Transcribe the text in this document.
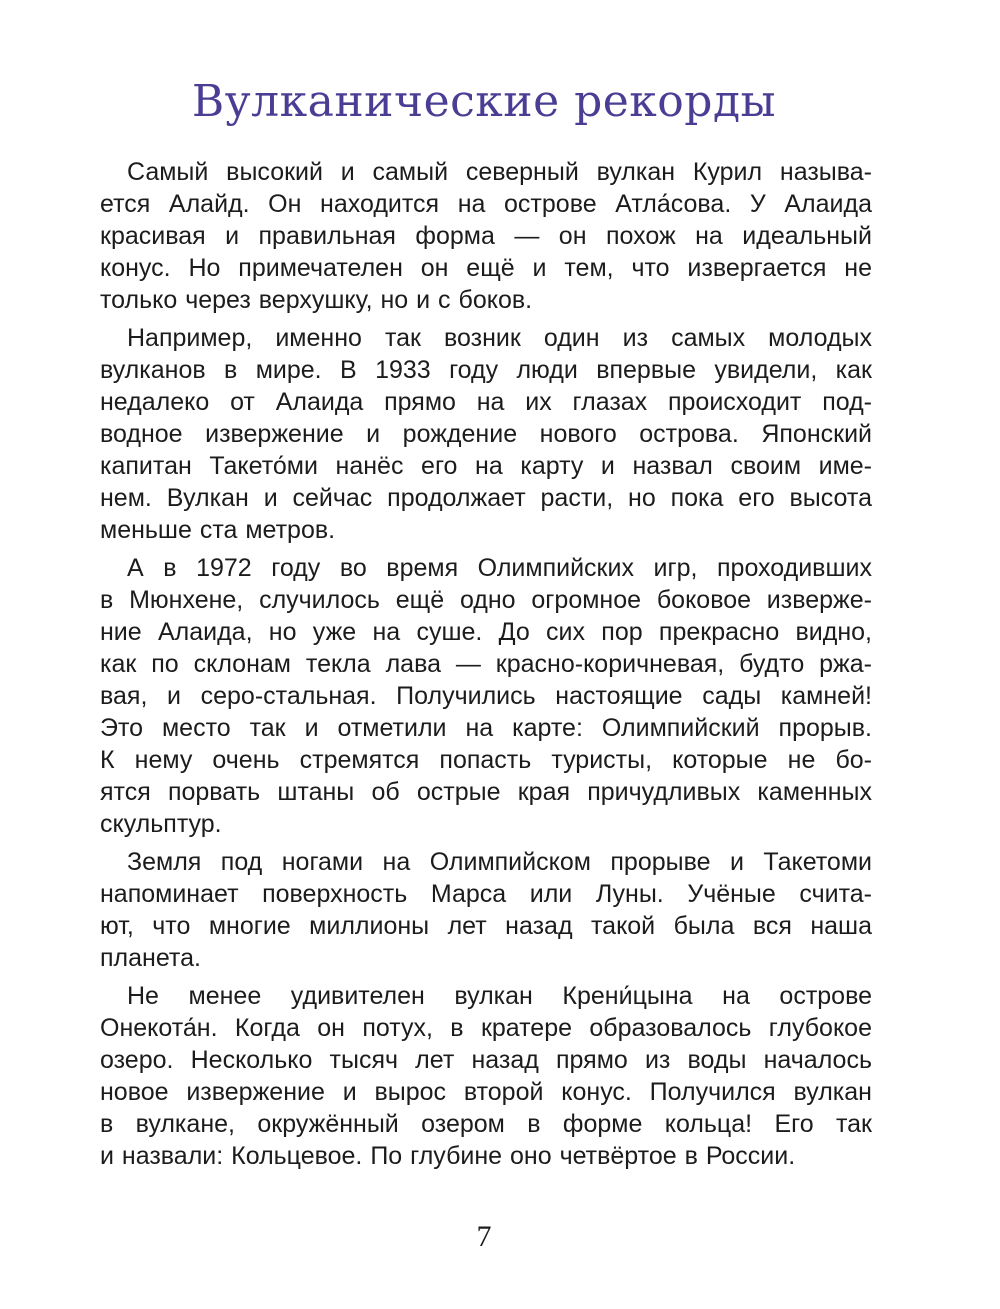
Вулканические рекорды

Самый высокий и самый северный вулкан Курил называ-
ется Алайд. Он находится на острове Атла́сова. У Алаида
красивая и правильная форма — он похож на идеальный
конус. Но примечателен он ещё и тем, что извергается не
только через верхушку, но и с боков.

Например, именно так возник один из самых молодых
вулканов в мире. В 1933 году люди впервые увидели, как
недалеко от Алаида прямо на их глазах происходит под-
водное извержение и рождение нового острова. Японский
капитан Такето́ми нанёс его на карту и назвал своим име-
нем. Вулкан и сейчас продолжает расти, но пока его высота
меньше ста метров.

А в 1972 году во время Олимпийских игр, проходивших
в Мюнхене, случилось ещё одно огромное боковое изверже-
ние Алаида, но уже на суше. До сих пор прекрасно видно,
как по склонам текла лава — красно-коричневая, будто ржа-
вая, и серо-стальная. Получились настоящие сады камней!
Это место так и отметили на карте: Олимпийский прорыв.
К нему очень стремятся попасть туристы, которые не бо-
ятся порвать штаны об острые края причудливых каменных
скульптур.

Земля под ногами на Олимпийском прорыве и Такетоми
напоминает поверхность Марса или Луны. Учёные счита-
ют, что многие миллионы лет назад такой была вся наша
планета.

Не менее удивителен вулкан Крени́цына на острове
Онекота́н. Когда он потух, в кратере образовалось глубокое
озеро. Несколько тысяч лет назад прямо из воды началось
новое извержение и вырос второй конус. Получился вулкан
в вулкане, окружённый озером в форме кольца! Его так
и назвали: Кольцевое. По глубине оно четвёртое в России.

7
